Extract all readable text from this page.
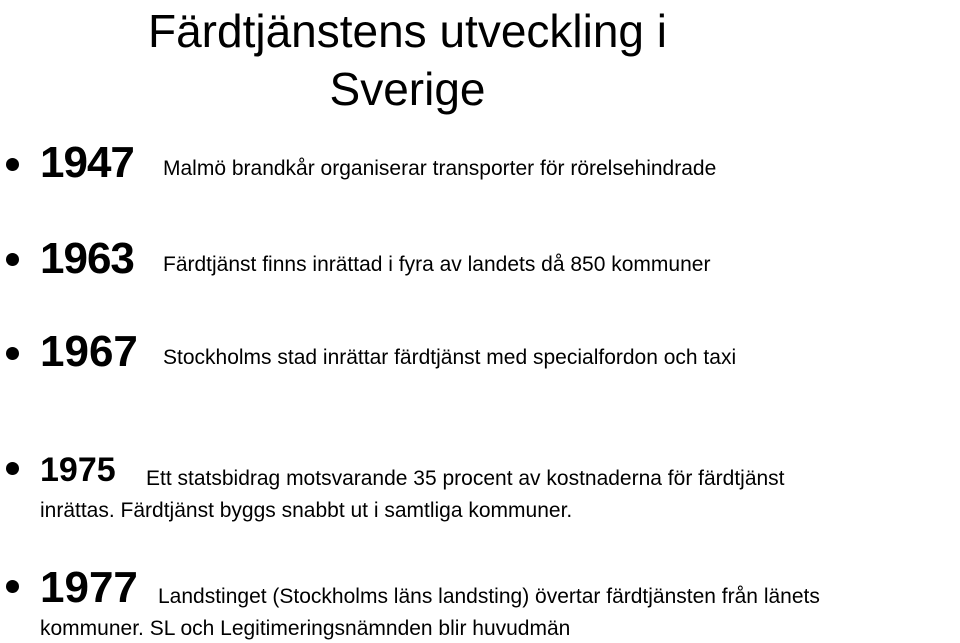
Färdtjänstens utveckling i
Sverige
1947 Malmö brandkår organiserar transporter för rörelsehindrade
1963 Färdtjänst finns inrättad i fyra av landets då 850 kommuner
1967 Stockholms stad inrättar färdtjänst med specialfordon och taxi
1975 Ett statsbidrag motsvarande 35 procent av kostnaderna för färdtjänst
inrättas. Färdtjänst byggs snabbt ut i samtliga kommuner.
1977 Landstinget (Stockholms läns landsting) övertar färdtjänsten från länets
kommuner. SL och Legitimeringsnämnden blir huvudmän
